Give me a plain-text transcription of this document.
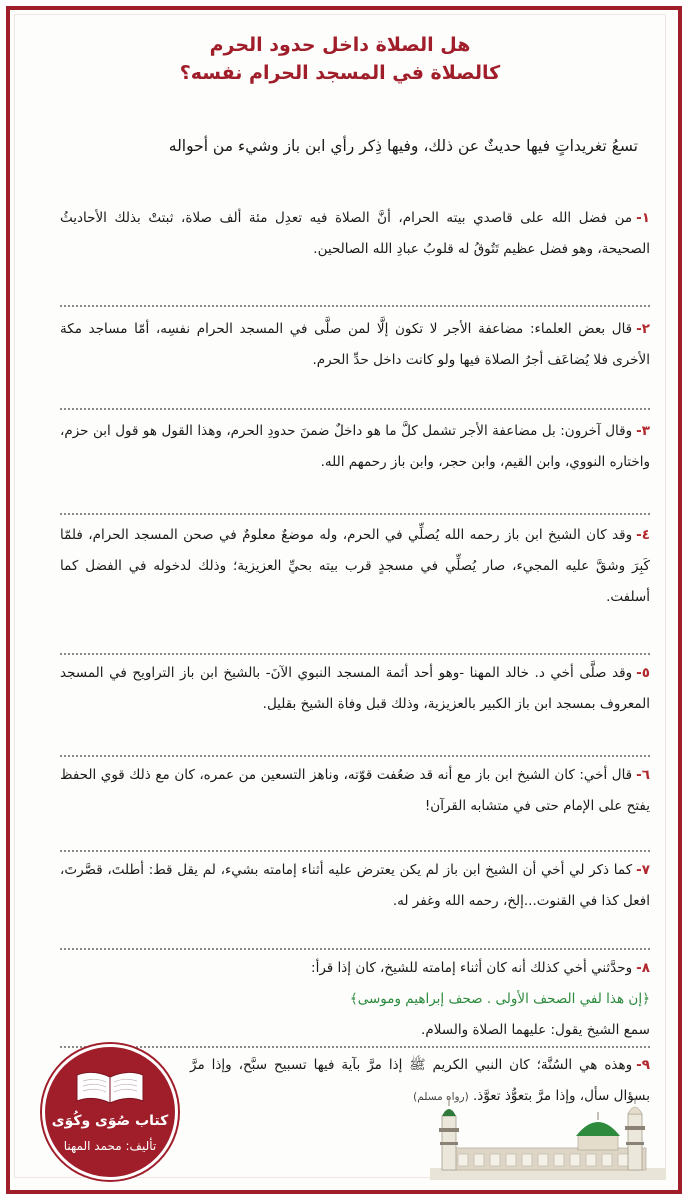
هل الصلاة داخل حدود الحرم
كالصلاة في المسجد الحرام نفسه؟
تسعُ تغريداتٍ فيها حديثٌ عن ذلك، وفيها ذِكر رأي ابن باز وشيء من أحواله
١-من فضل الله على قاصدي بيته الحرام، أنَّ الصلاة فيه تعدِل مئة ألف صلاة، ثبتتْ بذلك الأحاديثُ الصحيحة، وهو فضل عظيم تَتُوقُ له قلوبُ عبادِ الله الصالحين.
٢-قال بعض العلماء: مضاعفة الأجر لا تكون إلَّا لمن صلَّى في المسجد الحرام نفسِه، أمّا مساجد مكة الأخرى فلا يُضاعَف أجرُ الصلاة فيها ولو كانت داخل حدِّ الحرم.
٣-وقال آخرون: بل مضاعفة الأجر تشمل كلَّ ما هو داخلٌ ضمنَ حدودِ الحرم، وهذا القول هو قول ابن حزم، واختاره النووي، وابن القيم، وابن حجر، وابن باز رحمهم الله.
٤-وقد كان الشيخ ابن باز رحمه الله يُصلِّي في الحرم، وله موضعٌ معلومٌ في صحن المسجد الحرام، فلمّا كَبِرَ وشقَّ عليه المجيء، صار يُصلِّي في مسجدٍ قرب بيته بحيِّ العزيزية؛ وذلك لدخوله في الفضل كما أسلفت.
٥-وقد صلَّى أخي د. خالد المهنا -وهو أحد أئمة المسجد النبوي الآنَ- بالشيخ ابن باز التراويح في المسجد المعروف بمسجد ابن باز الكبير بالعزيزية، وذلك قبل وفاة الشيخ بقليل.
٦-قال أخي: كان الشيخ ابن باز مع أنه قد ضعُفت قوّته، وناهز التسعين من عمره، كان مع ذلك قوي الحفظ يفتح على الإمام حتى في متشابه القرآن!
٧-كما ذكر لي أخي أن الشيخ ابن باز لم يكن يعترض عليه أثناء إمامته بشيء، لم يقل قط: أطلتَ، قصَّرتَ، افعل كذا في القنوت...إلخ، رحمه الله وغفر له.
٨-وحدَّثني أخي كذلك أنه كان أثناء إمامته للشيخ، كان إذا قرأ:
﴿إن هذا لفي الصحف الأولى . صحف إبراهيم وموسى﴾
سمع الشيخ يقول: عليهما الصلاة والسلام.
٩-وهذه هي السُنَّة؛ كان النبي الكريم ﷺ إذا مرَّ بآية فيها تسبيح سبَّح، وإذا مرَّ بسؤال سأل، وإذا مرَّ بتعوُّذ تعوَّذ. (رواه مسلم)
كتاب صُوَى وكُوَى
تأليف: محمد المهنا
